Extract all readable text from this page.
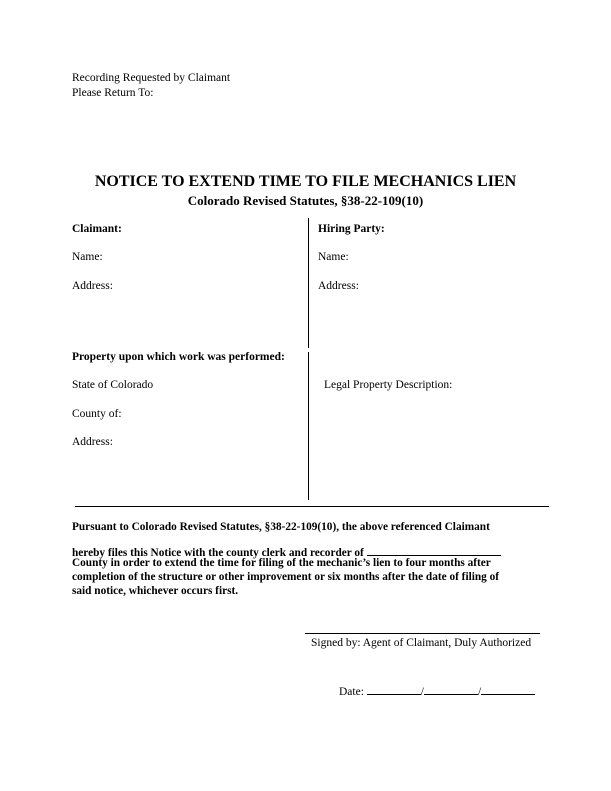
Recording Requested by Claimant
Please Return To:
NOTICE TO EXTEND TIME TO FILE MECHANICS LIEN
Colorado Revised Statutes, §38-22-109(10)
Claimant:
Name:
Address:
Hiring Party:
Name:
Address:
Property upon which work was performed:
State of Colorado
County of:
Address:
Legal Property Description:
Pursuant to Colorado Revised Statutes, §38-22-109(10), the above referenced Claimant
hereby files this Notice with the county clerk and recorder of
County in order to extend the time for filing of the mechanic’s lien to four months after
completion of the structure or other improvement or six months after the date of filing of
said notice, whichever occurs first.
Signed by: Agent of Claimant, Duly Authorized
Date:	/	/
